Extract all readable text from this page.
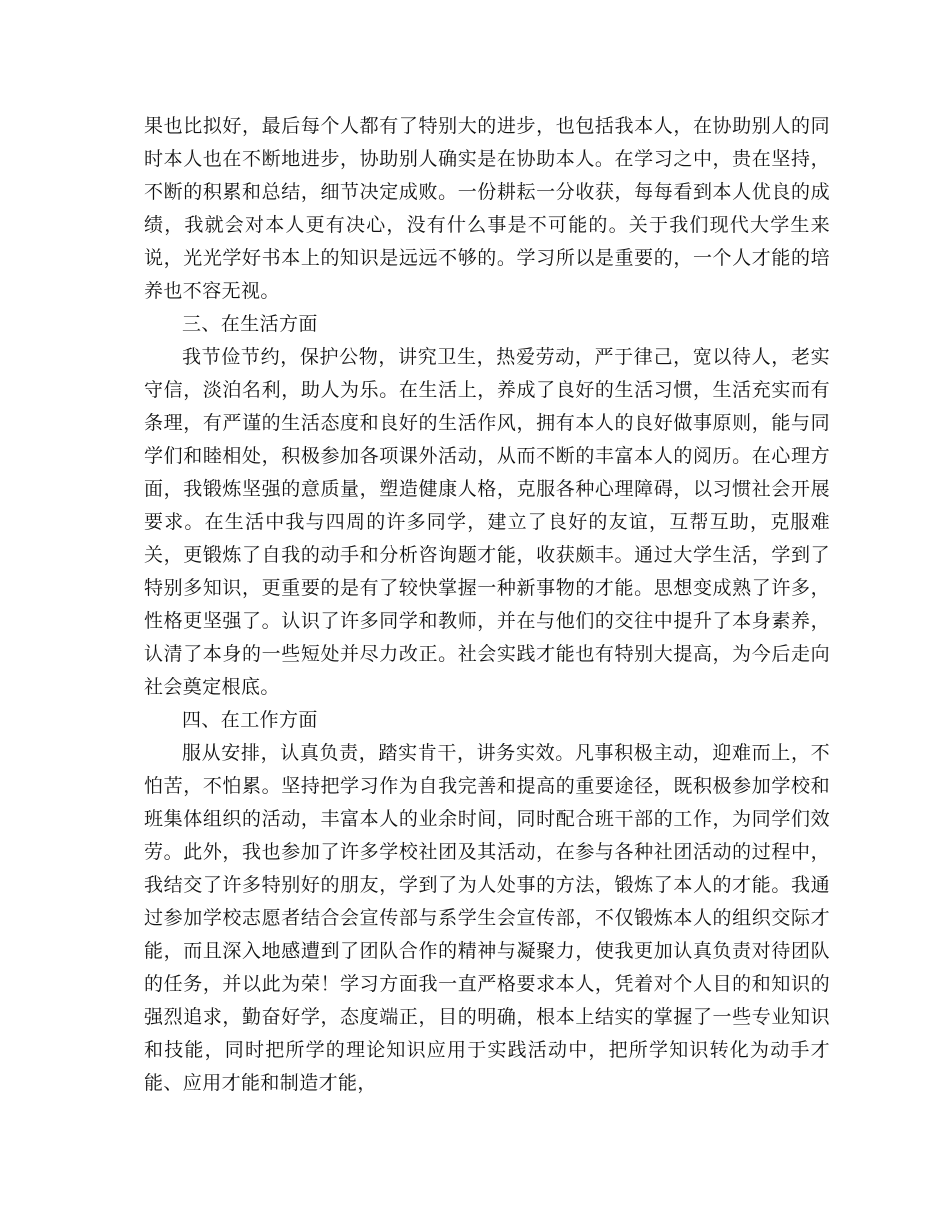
果也比拟好，最后每个人都有了特别大的进步，也包括我本人，在协助别人的同时本人也在不断地进步，协助别人确实是在协助本人。在学习之中，贵在坚持，不断的积累和总结，细节决定成败。一份耕耘一分收获，每每看到本人优良的成绩，我就会对本人更有决心，没有什么事是不可能的。关于我们现代大学生来说，光光学好书本上的知识是远远不够的。学习所以是重要的，一个人才能的培养也不容无视。

三、在生活方面

我节俭节约，保护公物，讲究卫生，热爱劳动，严于律己，宽以待人，老实守信，淡泊名利，助人为乐。在生活上，养成了良好的生活习惯，生活充实而有条理，有严谨的生活态度和良好的生活作风，拥有本人的良好做事原则，能与同学们和睦相处，积极参加各项课外活动，从而不断的丰富本人的阅历。在心理方面，我锻炼坚强的意质量，塑造健康人格，克服各种心理障碍，以习惯社会开展要求。在生活中我与四周的许多同学，建立了良好的友谊，互帮互助，克服难关，更锻炼了自我的动手和分析咨询题才能，收获颇丰。通过大学生活，学到了特别多知识，更重要的是有了较快掌握一种新事物的才能。思想变成熟了许多，性格更坚强了。认识了许多同学和教师，并在与他们的交往中提升了本身素养，认清了本身的一些短处并尽力改正。社会实践才能也有特别大提高，为今后走向社会奠定根底。

四、在工作方面

服从安排，认真负责，踏实肯干，讲务实效。凡事积极主动，迎难而上，不怕苦，不怕累。坚持把学习作为自我完善和提高的重要途径，既积极参加学校和班集体组织的活动，丰富本人的业余时间，同时配合班干部的工作，为同学们效劳。此外，我也参加了许多学校社团及其活动，在参与各种社团活动的过程中，我结交了许多特别好的朋友，学到了为人处事的方法，锻炼了本人的才能。我通过参加学校志愿者结合会宣传部与系学生会宣传部，不仅锻炼本人的组织交际才能，而且深入地感遭到了团队合作的精神与凝聚力，使我更加认真负责对待团队的任务，并以此为荣！学习方面我一直严格要求本人，凭着对个人目的和知识的强烈追求，勤奋好学，态度端正，目的明确，根本上结实的掌握了一些专业知识和技能，同时把所学的理论知识应用于实践活动中，把所学知识转化为动手才能、应用才能和制造才能，
